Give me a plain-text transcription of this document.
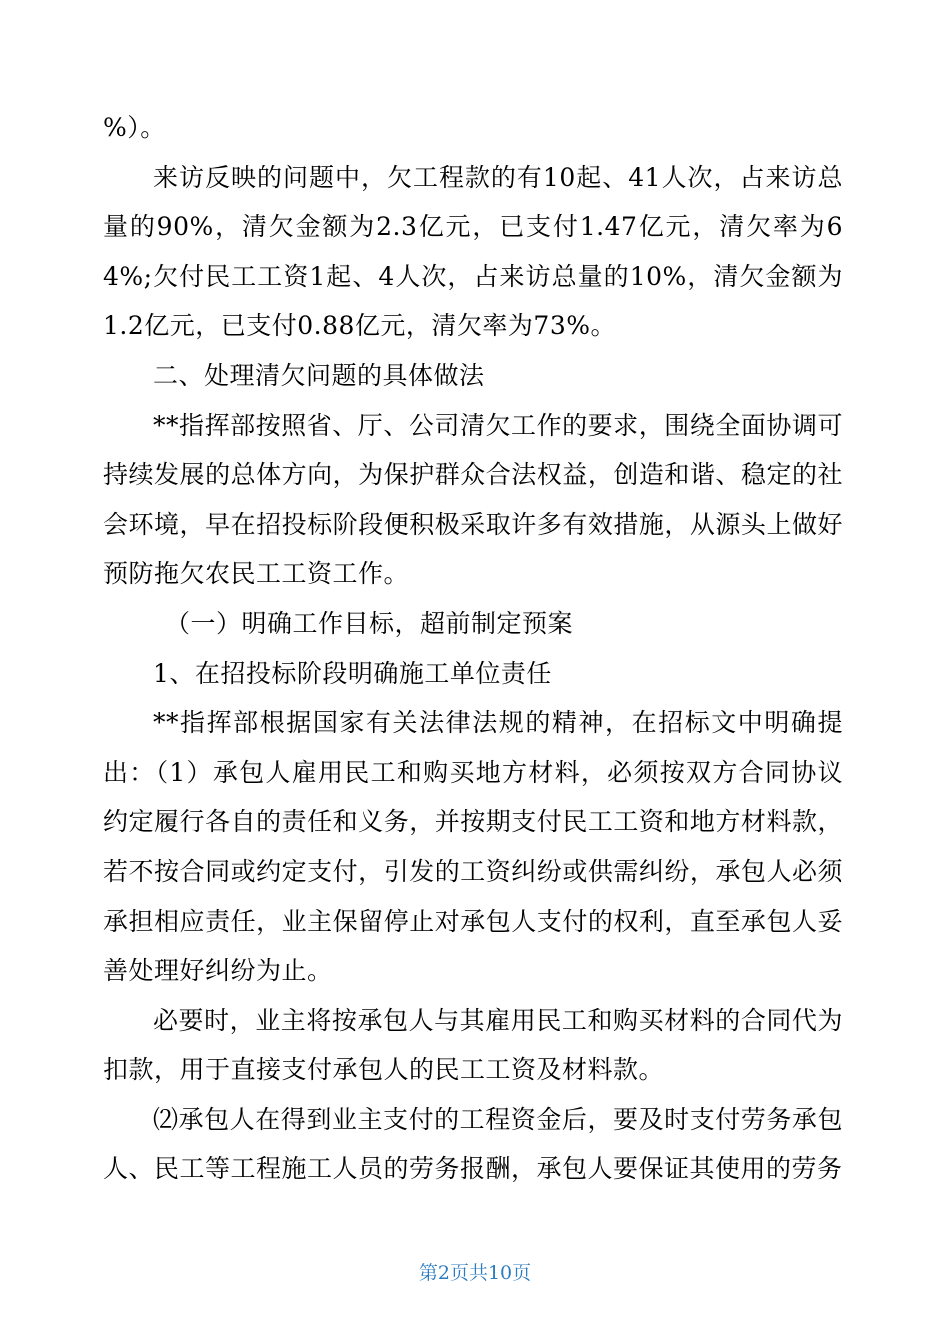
%）。

来访反映的问题中，欠工程款的有10起、41人次，占来访总量的90%，清欠金额为2.3亿元，已支付1.47亿元，清欠率为64%;欠付民工工资1起、4人次，占来访总量的10%，清欠金额为1.2亿元，已支付0.88亿元，清欠率为73%。

二、处理清欠问题的具体做法

**指挥部按照省、厅、公司清欠工作的要求，围绕全面协调可持续发展的总体方向，为保护群众合法权益，创造和谐、稳定的社会环境，早在招投标阶段便积极采取许多有效措施，从源头上做好预防拖欠农民工工资工作。

（一）明确工作目标，超前制定预案

1、在招投标阶段明确施工单位责任

**指挥部根据国家有关法律法规的精神，在招标文中明确提出：（1）承包人雇用民工和购买地方材料，必须按双方合同协议约定履行各自的责任和义务，并按期支付民工工资和地方材料款，若不按合同或约定支付，引发的工资纠纷或供需纠纷，承包人必须承担相应责任，业主保留停止对承包人支付的权利，直至承包人妥善处理好纠纷为止。

必要时，业主将按承包人与其雇用民工和购买材料的合同代为扣款，用于直接支付承包人的民工工资及材料款。

⑵承包人在得到业主支付的工程资金后，要及时支付劳务承包人、民工等工程施工人员的劳务报酬，承包人要保证其使用的劳务

第2页共10页
